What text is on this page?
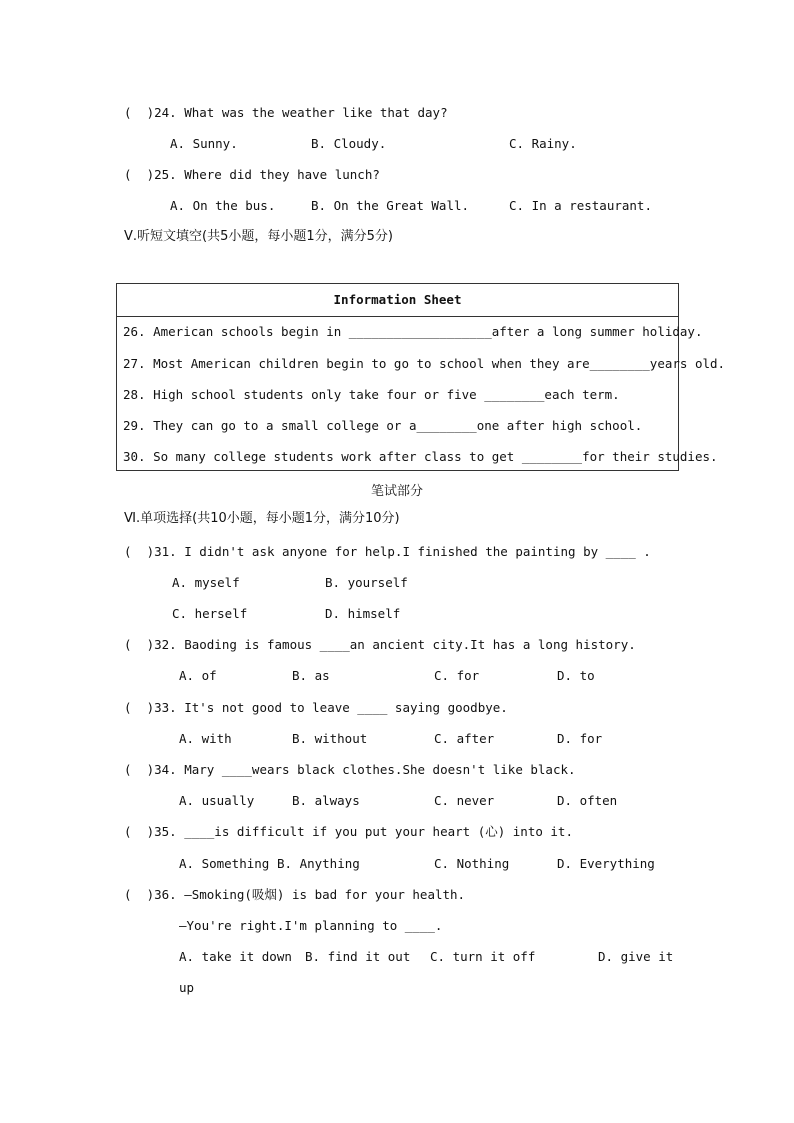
(  )24. What was the weather like that day?
A. Sunny.	B. Cloudy.	C. Rainy.
(  )25. Where did they have lunch?
A. On the bus.	B. On the Great Wall.	C. In a restaurant.
Ⅴ.听短文填空(共5小题，每小题1分，满分5分)
Information Sheet
26. American schools begin in ___________________after a long summer holiday.
27. Most American children begin to go to school when they are________years old.
28. High school students only take four or five ________each term.
29. They can go to a small college or a________one after high school.
30. So many college students work after class to get ________for their studies.
笔试部分
Ⅵ.单项选择(共10小题，每小题1分，满分10分)
(  )31. I didn't ask anyone for help.I finished the painting by ____ .
A. myself	B. yourself
C. herself	D. himself
(  )32. Baoding is famous ____an ancient city.It has a long history.
A. of	B. as	C. for	D. to
(  )33. It's not good to leave ____ saying goodbye.
A. with	B. without	C. after	D. for
(  )34. Mary ____wears black clothes.She doesn't like black.
A. usually	B. always	C. never	D. often
(  )35. ____is difficult if you put your heart (心) into it.
A. Something B. Anything	C. Nothing	D. Everything
(  )36. —Smoking(吸烟) is bad for your health.
—You're right.I'm planning to ____.
A. take it down B. find it out C. turn it off	D. give it
up
